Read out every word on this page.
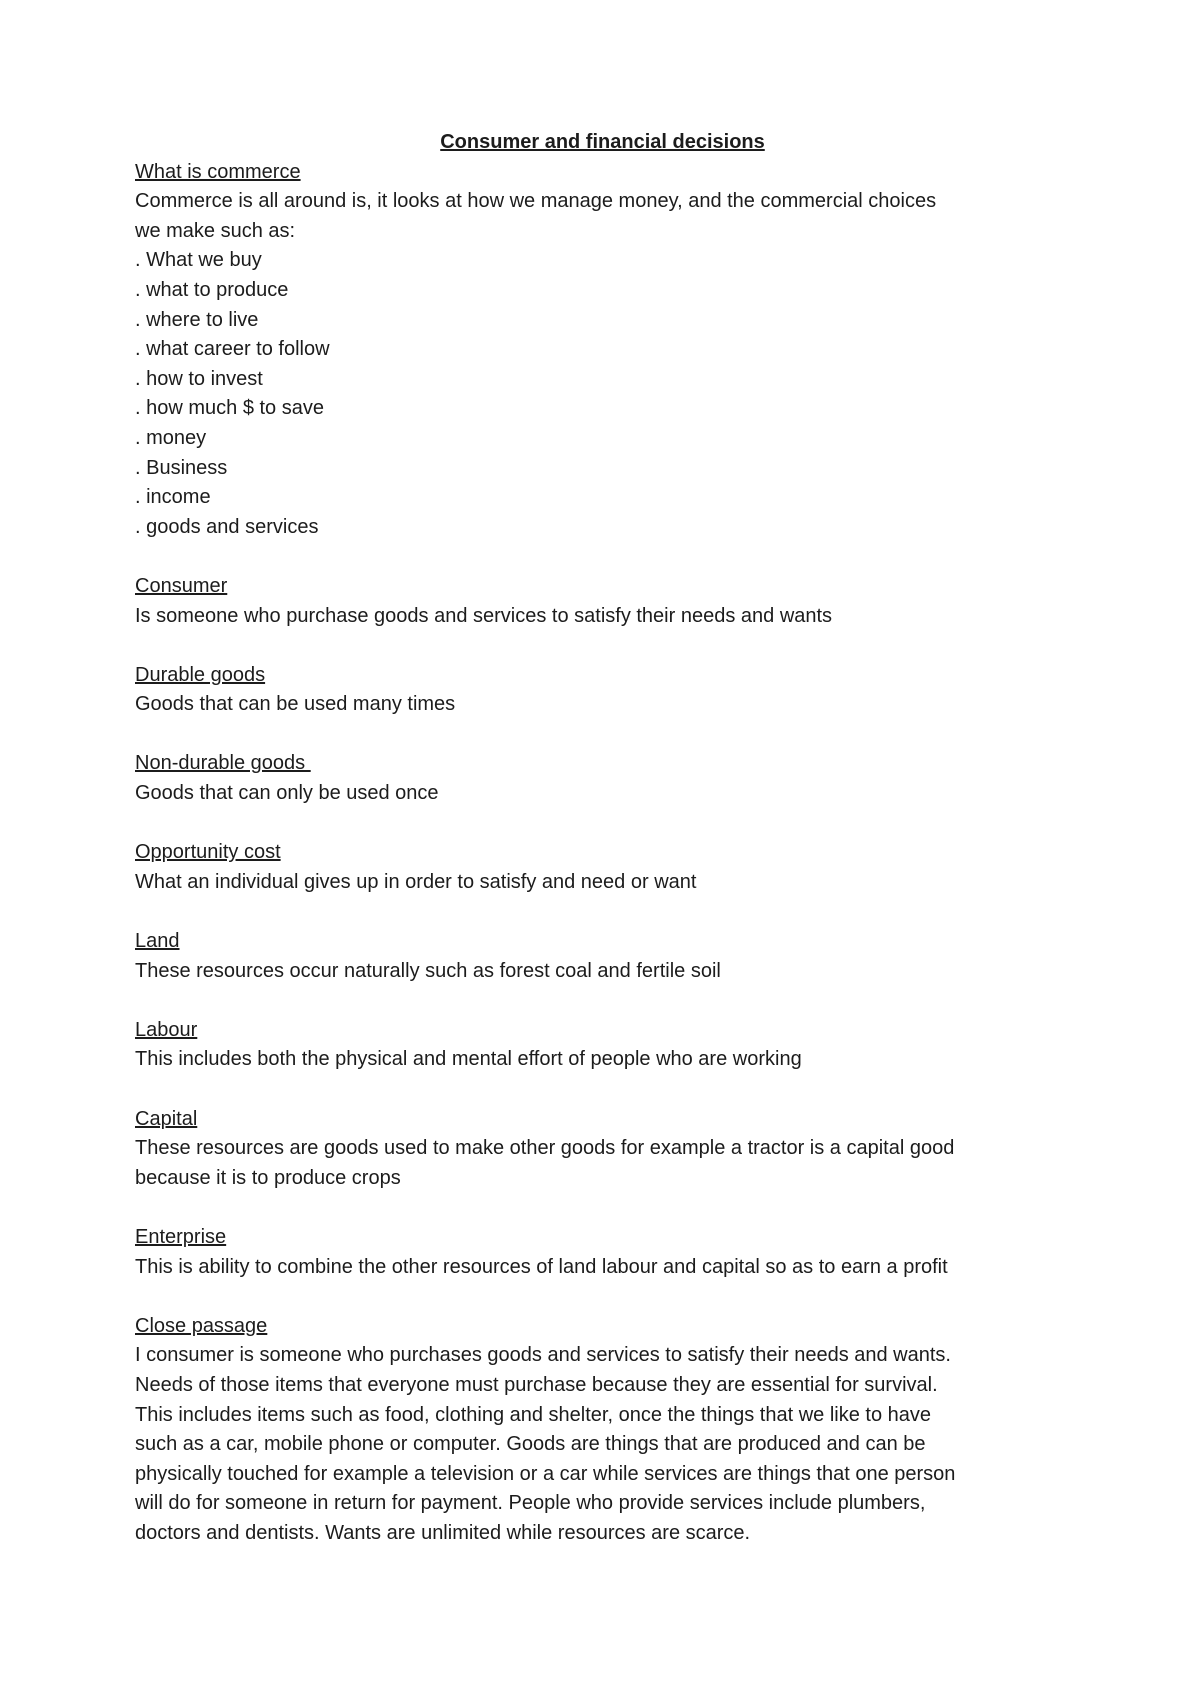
Consumer and financial decisions
What is commerce
Commerce is all around is, it looks at how we manage money, and the commercial choices
we make such as:
. What we buy
. what to produce
. where to live
. what career to follow
. how to invest
. how much $ to save
. money
. Business
. income
. goods and services
Consumer
Is someone who purchase goods and services to satisfy their needs and wants
Durable goods
Goods that can be used many times
Non-durable goods
Goods that can only be used once
Opportunity cost
What an individual gives up in order to satisfy and need or want
Land
These resources occur naturally such as forest coal and fertile soil
Labour
This includes both the physical and mental effort of people who are working
Capital
These resources are goods used to make other goods for example a tractor is a capital good
because it is to produce crops
Enterprise
This is ability to combine the other resources of land labour and capital so as to earn a profit
Close passage
I consumer is someone who purchases goods and services to satisfy their needs and wants.
Needs of those items that everyone must purchase because they are essential for survival.
This includes items such as food, clothing and shelter, once the things that we like to have
such as a car, mobile phone or computer. Goods are things that are produced and can be
physically touched for example a television or a car while services are things that one person
will do for someone in return for payment. People who provide services include plumbers,
doctors and dentists. Wants are unlimited while resources are scarce.
